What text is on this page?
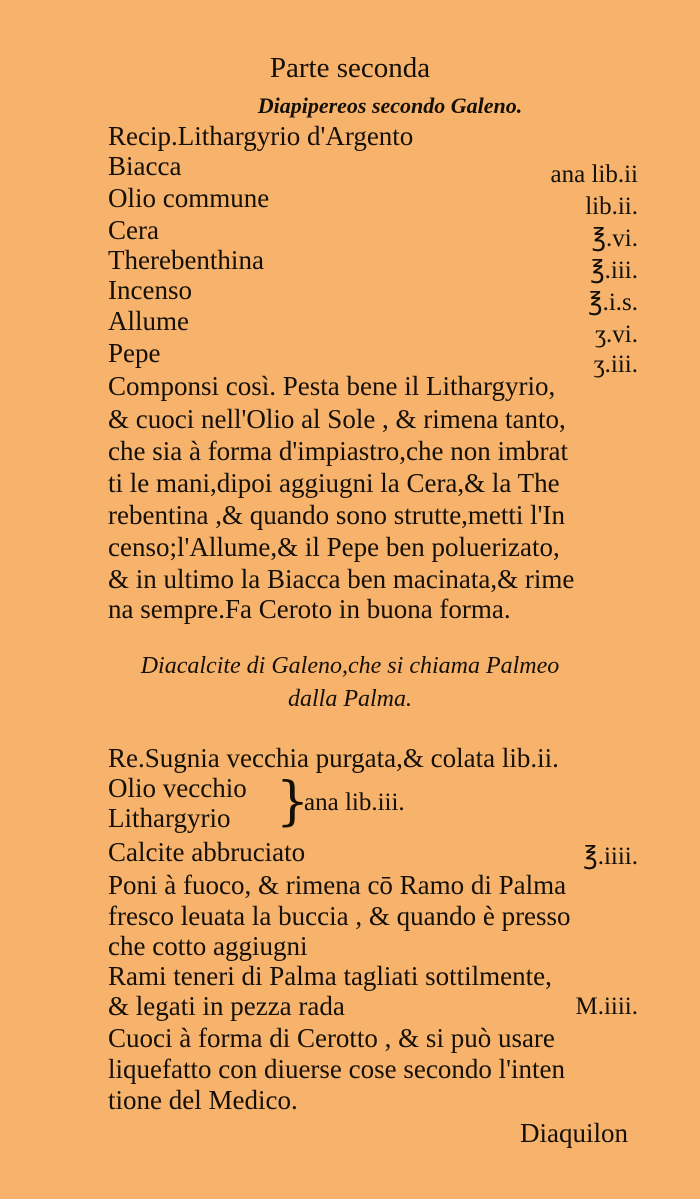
Parte seconda
Diapipereos secondo Galeno.
Recip.Lithargyrio d'Argento
Biacca	ana lib.ii
Olio commune	lib.ii.
Cera	℥.vi.
Therebenthina	℥.iii.
Incenso	℥.i.s.
Allume	ʒ.vi.
Pepe	ʒ.iii.
Componsi così. Pesta bene il Lithargyrio,
& cuoci nell'Olio al Sole , & rimena tanto,
che sia à forma d'impiastro,che non imbrat
ti le mani,dipoi aggiugni la Cera,& la The
rebentina ,& quando sono strutte,metti l'In
censo;l'Allume,& il Pepe ben poluerizato,
& in ultimo la Biacca ben macinata,& rime
na sempre.Fa Ceroto in buona forma.
Diacalcite di Galeno,che si chiama Palmeo
dalla Palma.
Re.Sugnia vecchia purgata,& colata lib.ii.
Olio vecchio
Lithargyrio }
ana lib.iii.
Calcite abbruciato	℥.iiii.
Poni à fuoco, & rimena cō Ramo di Palma
fresco leuata la buccia , & quando è presso
che cotto aggiugni
Rami teneri di Palma tagliati sottilmente,
& legati in pezza rada	M.iiii.
Cuoci à forma di Cerotto , & si può usare
liquefatto con diuerse cose secondo l'inten
tione del Medico.
Diaquilon
